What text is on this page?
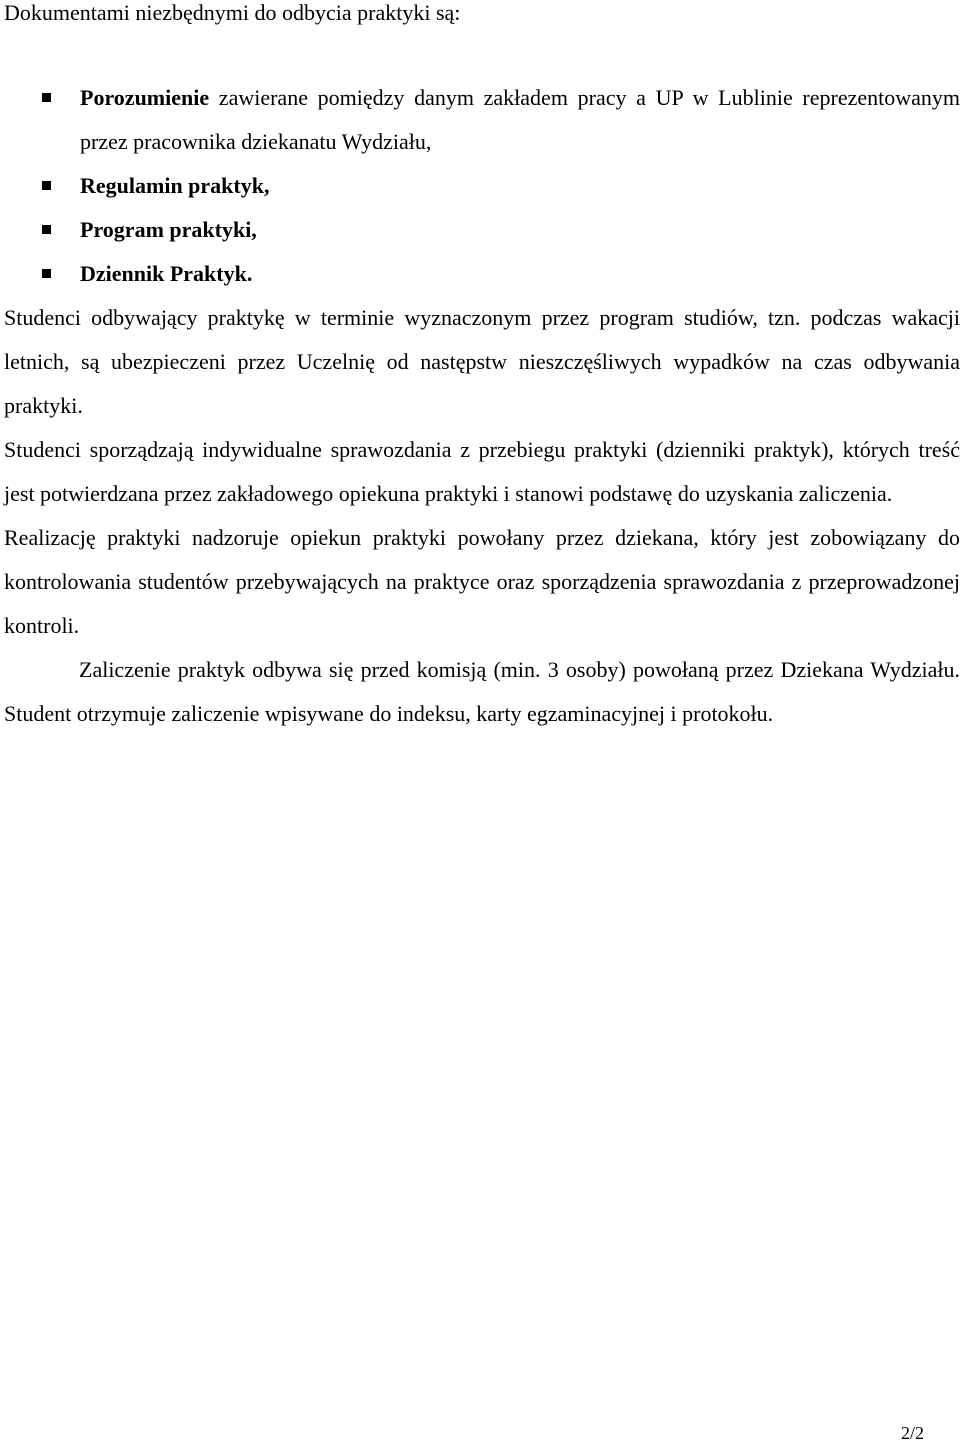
Dokumentami niezbędnymi do odbycia praktyki są:
Porozumienie zawierane pomiędzy danym zakładem pracy a UP w Lublinie reprezentowanym przez pracownika dziekanatu Wydziału,
Regulamin praktyk,
Program praktyki,
Dziennik Praktyk.

Studenci odbywający praktykę w terminie wyznaczonym przez program studiów, tzn. podczas wakacji letnich, są ubezpieczeni przez Uczelnię od następstw nieszczęśliwych wypadków na czas odbywania praktyki.

Studenci sporządzają indywidualne sprawozdania z przebiegu praktyki (dzienniki praktyk), których treść jest potwierdzana przez zakładowego opiekuna praktyki i stanowi podstawę do uzyskania zaliczenia.

Realizację praktyki nadzoruje opiekun praktyki powołany przez dziekana, który jest zobowiązany do kontrolowania studentów przebywających na praktyce oraz sporządzenia sprawozdania z przeprowadzonej kontroli.

Zaliczenie praktyk odbywa się przed komisją (min. 3 osoby) powołaną przez Dziekana Wydziału. Student otrzymuje zaliczenie wpisywane do indeksu, karty egzaminacyjnej i protokołu.

2/2
